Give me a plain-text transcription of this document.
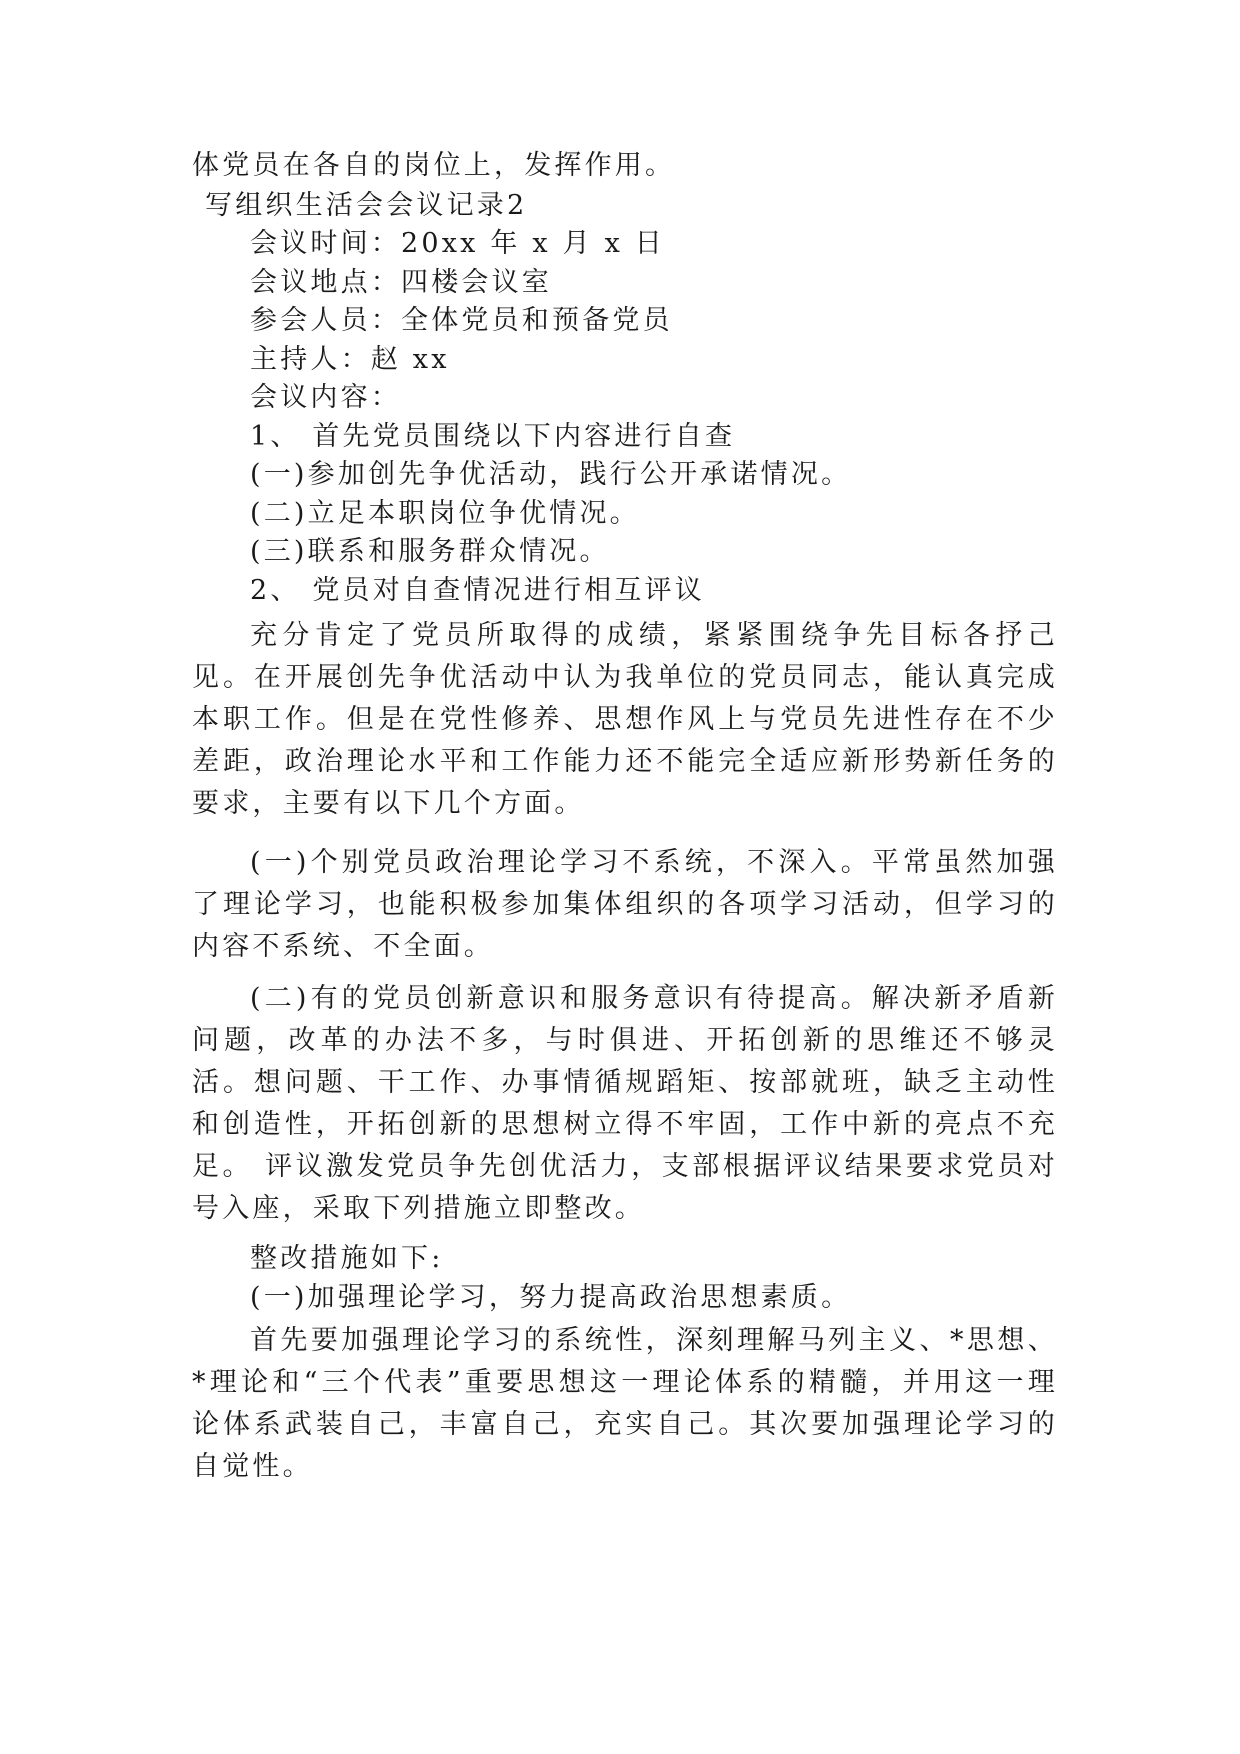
体党员在各自的岗位上，发挥作用。
写组织生活会会议记录2
会议时间：20xx 年 x 月 x 日
会议地点：四楼会议室
参会人员：全体党员和预备党员
主持人：赵 xx
会议内容：
1、 首先党员围绕以下内容进行自查
(一)参加创先争优活动，践行公开承诺情况。
(二)立足本职岗位争优情况。
(三)联系和服务群众情况。
2、 党员对自查情况进行相互评议
充分肯定了党员所取得的成绩，紧紧围绕争先目标各抒己见。在开展创先争优活动中认为我单位的党员同志，能认真完成本职工作。但是在党性修养、思想作风上与党员先进性存在不少差距，政治理论水平和工作能力还不能完全适应新形势新任务的要求，主要有以下几个方面。
(一)个别党员政治理论学习不系统，不深入。平常虽然加强了理论学习，也能积极参加集体组织的各项学习活动，但学习的内容不系统、不全面。
(二)有的党员创新意识和服务意识有待提高。解决新矛盾新问题，改革的办法不多，与时俱进、开拓创新的思维还不够灵活。想问题、干工作、办事情循规蹈矩、按部就班，缺乏主动性和创造性，开拓创新的思想树立得不牢固，工作中新的亮点不充足。 评议激发党员争先创优活力，支部根据评议结果要求党员对号入座，采取下列措施立即整改。
整改措施如下:
(一)加强理论学习，努力提高政治思想素质。
首先要加强理论学习的系统性，深刻理解马列主义、*思想、*理论和“三个代表”重要思想这一理论体系的精髓，并用这一理论体系武装自己，丰富自己，充实自己。其次要加强理论学习的自觉性。
